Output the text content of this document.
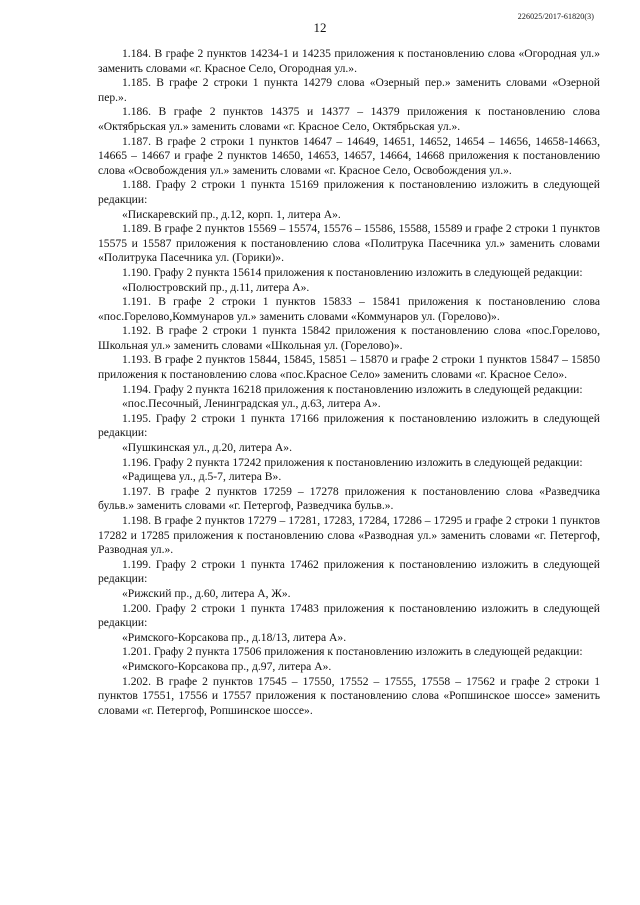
12
226025/2017-61820(3)

1.184. В графе 2 пунктов 14234-1 и 14235 приложения к постановлению слова «Огородная ул.» заменить словами «г. Красное Село, Огородная ул.».

1.185. В графе 2 строки 1 пункта 14279 слова «Озерный пер.» заменить словами «Озерной пер.».

1.186. В графе 2 пунктов 14375 и 14377 – 14379 приложения к постановлению слова «Октябрьская ул.» заменить словами «г. Красное Село, Октябрьская ул.».

1.187. В графе 2 строки 1 пунктов 14647 – 14649, 14651, 14652, 14654 – 14656, 14658-14663, 14665 – 14667 и графе 2 пунктов 14650, 14653, 14657, 14664, 14668 приложения к постановлению слова «Освобождения ул.» заменить словами «г. Красное Село, Освобождения ул.».

1.188. Графу 2 строки 1 пункта 15169 приложения к постановлению изложить в следующей редакции:

«Пискаревский пр., д.12, корп. 1, литера А».

1.189. В графе 2 пунктов 15569 – 15574, 15576 – 15586, 15588, 15589 и графе 2 строки 1 пунктов 15575 и 15587 приложения к постановлению слова «Политрука Пасечника ул.» заменить словами «Политрука Пасечника ул. (Горики)».

1.190. Графу 2 пункта 15614 приложения к постановлению изложить в следующей редакции:

«Полюстровский пр., д.11, литера А».

1.191. В графе 2 строки 1 пунктов 15833 – 15841 приложения к постановлению слова «пос.Горелово,Коммунаров ул.» заменить словами «Коммунаров ул. (Горелово)».

1.192. В графе 2 строки 1 пункта 15842 приложения к постановлению слова «пос.Горелово, Школьная ул.» заменить словами «Школьная ул. (Горелово)».

1.193. В графе 2 пунктов 15844, 15845, 15851 – 15870 и графе 2 строки 1 пунктов 15847 – 15850 приложения к постановлению слова «пос.Красное Село» заменить словами «г. Красное Село».

1.194. Графу 2 пункта 16218 приложения к постановлению изложить в следующей редакции:

«пос.Песочный, Ленинградская ул., д.63, литера А».

1.195. Графу 2 строки 1 пункта 17166 приложения к постановлению изложить в следующей редакции:

«Пушкинская ул., д.20, литера А».

1.196. Графу 2 пункта 17242 приложения к постановлению изложить в следующей редакции:

«Радищева ул., д.5-7, литера В».

1.197. В графе 2 пунктов 17259 – 17278 приложения к постановлению слова «Разведчика бульв.» заменить словами «г. Петергоф, Разведчика бульв.».

1.198. В графе 2 пунктов 17279 – 17281, 17283, 17284, 17286 – 17295 и графе 2 строки 1 пунктов 17282 и 17285 приложения к постановлению слова «Разводная ул.» заменить словами «г. Петергоф, Разводная ул.».

1.199. Графу 2 строки 1 пункта 17462 приложения к постановлению изложить в следующей редакции:

«Рижский пр., д.60, литера А, Ж».

1.200. Графу 2 строки 1 пункта 17483 приложения к постановлению изложить в следующей редакции:

«Римского-Корсакова пр., д.18/13, литера А».

1.201. Графу 2 пункта 17506 приложения к постановлению изложить в следующей редакции:

«Римского-Корсакова пр., д.97, литера А».

1.202. В графе 2 пунктов 17545 – 17550, 17552 – 17555, 17558 – 17562 и графе 2 строки 1 пунктов 17551, 17556 и 17557 приложения к постановлению слова «Ропшинское шоссе» заменить словами «г. Петергоф, Ропшинское шоссе».
